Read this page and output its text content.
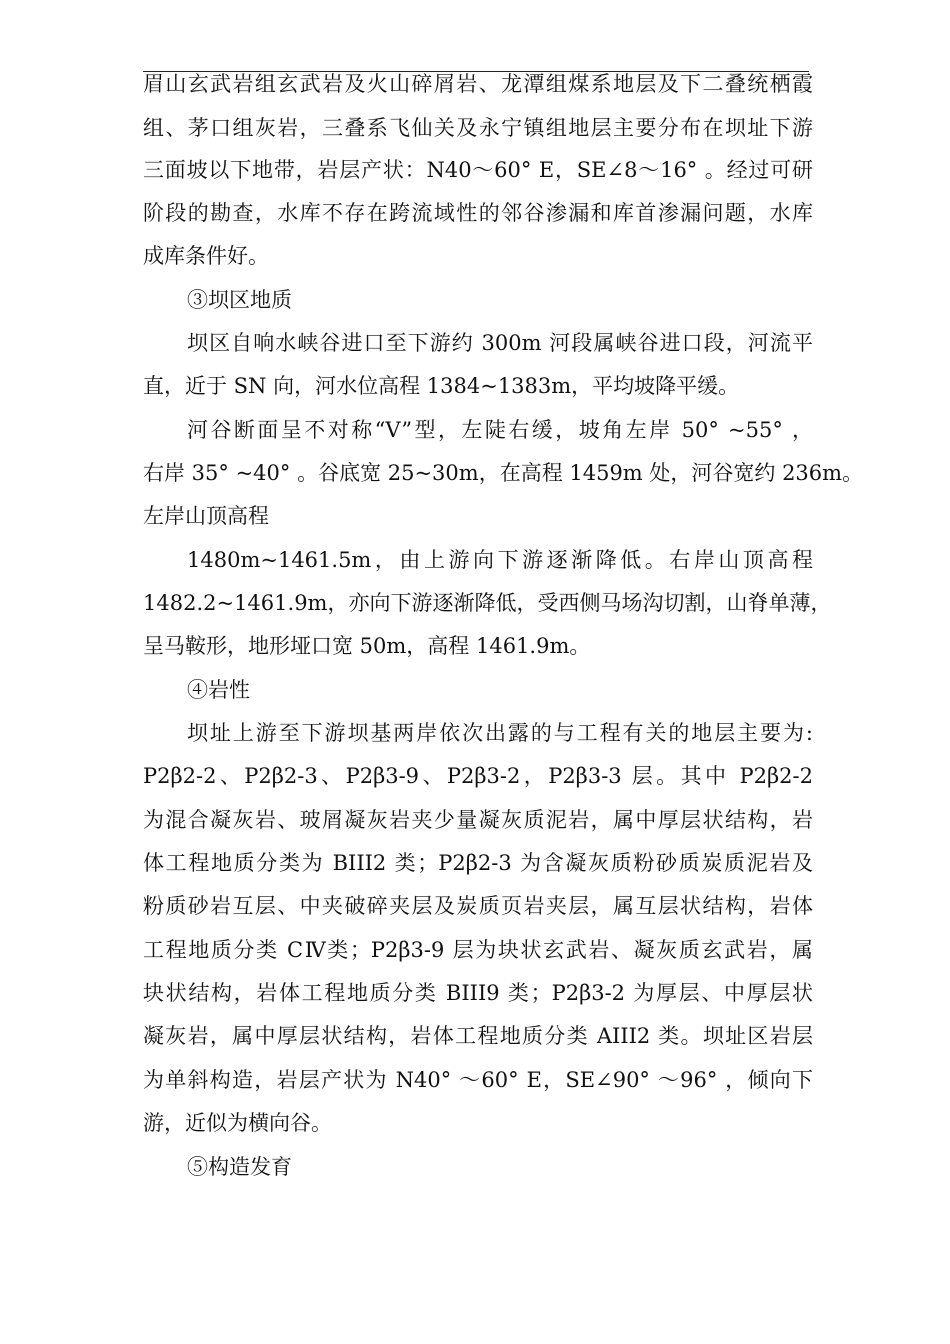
眉山玄武岩组玄武岩及火山碎屑岩、龙潭组煤系地层及下二叠统栖霞
组、茅口组灰岩，三叠系飞仙关及永宁镇组地层主要分布在坝址下游
三面坡以下地带，岩层产状：N40～60° E，SE∠8～16° 。经过可研
阶段的勘查，水库不存在跨流域性的邻谷渗漏和库首渗漏问题，水库
成库条件好。
③坝区地质
坝区自响水峡谷进口至下游约 300m 河段属峡谷进口段，河流平
直，近于 SN 向，河水位高程 1384~1383m，平均坡降平缓。
河谷断面呈不对称“V”型，左陡右缓，坡角左岸 50° ~55° ，
右岸 35° ~40° 。谷底宽 25~30m，在高程 1459m 处，河谷宽约 236m。
左岸山顶高程
1480m~1461.5m，由上游向下游逐渐降低。右岸山顶高程
1482.2~1461.9m，亦向下游逐渐降低，受西侧马场沟切割，山脊单薄，
呈马鞍形，地形垭口宽 50m，高程 1461.9m。
④岩性
坝址上游至下游坝基两岸依次出露的与工程有关的地层主要为:
P2β2-2、P2β2-3、P2β3-9、P2β3-2，P2β3-3 层。其中 P2β2-2
为混合凝灰岩、玻屑凝灰岩夹少量凝灰质泥岩，属中厚层状结构，岩
体工程地质分类为 BIII2 类；P2β2-3 为含凝灰质粉砂质炭质泥岩及
粉质砂岩互层、中夹破碎夹层及炭质页岩夹层，属互层状结构，岩体
工程地质分类 CⅣ类；P2β3-9 层为块状玄武岩、凝灰质玄武岩，属
块状结构，岩体工程地质分类 BIII9 类；P2β3-2 为厚层、中厚层状
凝灰岩，属中厚层状结构，岩体工程地质分类 AIII2 类。坝址区岩层
为单斜构造，岩层产状为 N40° ～60° E，SE∠90° ～96° ，倾向下
游，近似为横向谷。
⑤构造发育
